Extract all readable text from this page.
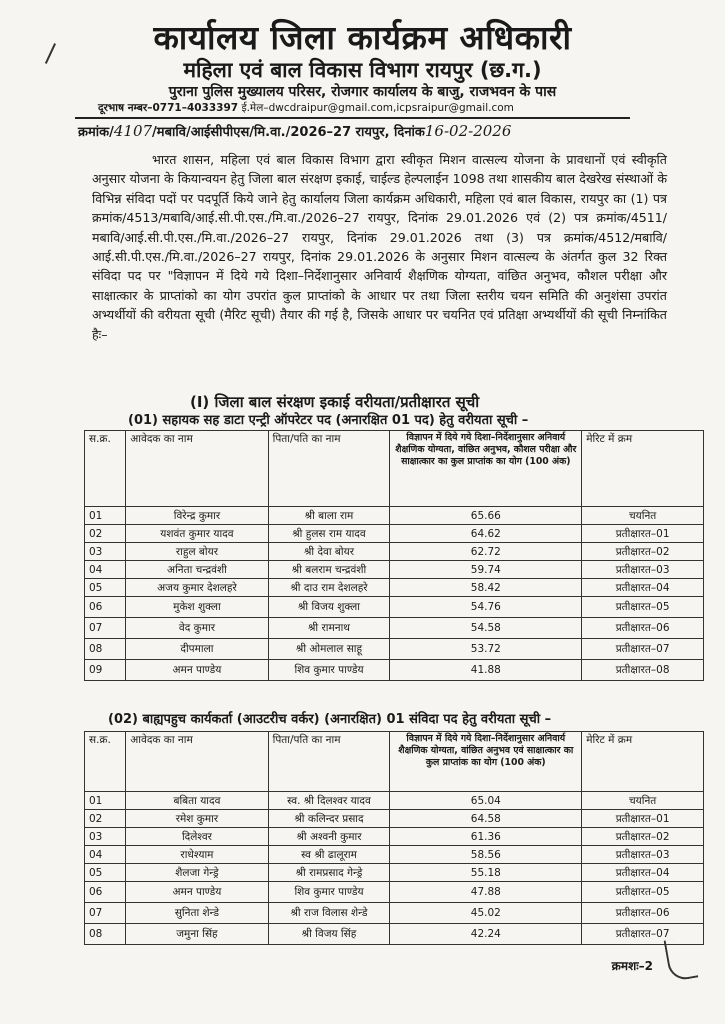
कार्यालय जिला कार्यक्रम अधिकारी
महिला एवं बाल विकास विभाग रायपुर (छ.ग.)
पुराना पुलिस मुख्यालय परिसर, रोजगार कार्यालय के बाजु, राजभवन के पास
दूरभाष नम्बर–0771–4033397 ई.मेल–dwcdraipur@gmail.com,icpsraipur@gmail.com
क्रमांक/4107/मबावि/आईसीपीएस/मि.वा./2026–27 रायपुर, दिनांक16-02-2026

भारत शासन, महिला एवं बाल विकास विभाग द्वारा स्वीकृत मिशन वात्सल्य योजना के प्रावधानों एवं स्वीकृति अनुसार योजना के कियान्वयन हेतु जिला बाल संरक्षण इकाई, चाईल्ड हेल्पलाईन 1098 तथा शासकीय बाल देखरेख संस्थाओं के विभिन्न संविदा पदों पर पदपूर्ति किये जाने हेतु कार्यालय जिला कार्यक्रम अधिकारी, महिला एवं बाल विकास, रायपुर का (1) पत्र क्रमांक/4513/मबावि/आई.सी.पी.एस./मि.वा./2026–27 रायपुर, दिनांक 29.01.2026 एवं (2) पत्र क्रमांक/4511/मबावि/आई.सी.पी.एस./मि.वा./2026–27 रायपुर, दिनांक 29.01.2026 तथा (3) पत्र क्रमांक/4512/मबावि/आई.सी.पी.एस./मि.वा./2026–27 रायपुर, दिनांक 29.01.2026 के अनुसार मिशन वात्सल्य के अंतर्गत कुल 32 रिक्त संविदा पद पर "विज्ञापन में दिये गये दिशा–निर्देशानुसार अनिवार्य शैक्षणिक योग्यता, वांछित अनुभव, कौशल परीक्षा और साक्षात्कार के प्राप्तांको का योग उपरांत कुल प्राप्तांको के आधार पर तथा जिला स्तरीय चयन समिति की अनुशंसा उपरांत अभ्यर्थीयों की वरीयता सूची (मैरिट सूची) तैयार की गई है, जिसके आधार पर चयनित एवं प्रतिक्षा अभ्यर्थीयों की सूची निम्नांकित हैः–

(I) जिला बाल संरक्षण इकाई वरीयता/प्रतीक्षारत सूची
(01) सहायक सह डाटा एन्ट्री ऑपरेटर पद (अनारक्षित 01 पद) हेतु वरीयता सूची –
स.क्र.	आवेदक का नाम	पिता/पति का नाम	विज्ञापन में दिये गये दिशा–निर्देशानुसार अनिवार्य शैक्षणिक योग्यता, वांछित अनुभव, कौशल परीक्षा और साक्षात्कार का कुल प्राप्तांक का योग (100 अंक)	मेरिट में क्रम
01	विरेन्द्र कुमार	श्री बाला राम	65.66	चयनित
02	यशवंत कुमार यादव	श्री हुलस राम यादव	64.62	प्रतीक्षारत–01
03	राहुल बोयर	श्री देवा बोयर	62.72	प्रतीक्षारत–02
04	अनिता चन्द्रवंशी	श्री बलराम चन्द्रवंशी	59.74	प्रतीक्षारत–03
05	अजय कुमार देशलहरे	श्री दाउ राम देशलहरे	58.42	प्रतीक्षारत–04
06	मुकेश शुक्ला	श्री विजय शुक्ला	54.76	प्रतीक्षारत–05
07	वेद कुमार	श्री रामनाथ	54.58	प्रतीक्षारत–06
08	दीपमाला	श्री ओमलाल साहू	53.72	प्रतीक्षारत–07
09	अमन पाण्डेय	शिव कुमार पाण्डेय	41.88	प्रतीक्षारत–08
(02) बाह्यपहुच कार्यकर्ता (आउटरीच वर्कर) (अनारक्षित) 01 संविदा पद हेतु वरीयता सूची –
स.क्र.	आवेदक का नाम	पिता/पति का नाम	विज्ञापन में दिये गये दिशा–निर्देशानुसार अनिवार्य शैक्षणिक योग्यता, वांछित अनुभव एवं साक्षात्कार का कुल प्राप्तांक का योग (100 अंक)	मेरिट में क्रम
01	बबिता यादव	स्व. श्री दिलश्वर यादव	65.04	चयनित
02	रमेश कुमार	श्री कलिन्दर प्रसाद	64.58	प्रतीक्षारत–01
03	दिलेश्वर	श्री अश्वनी कुमार	61.36	प्रतीक्षारत–02
04	राधेश्याम	स्व श्री ढालूराम	58.56	प्रतीक्षारत–03
05	शैलजा गेन्ड्रे	श्री रामप्रसाद गेन्ड्रे	55.18	प्रतीक्षारत–04
06	अमन पाण्डेय	शिव कुमार पाण्डेय	47.88	प्रतीक्षारत–05
07	सुनिता शेन्डे	श्री राज विलास शेन्डे	45.02	प्रतीक्षारत–06
08	जमुना सिंह	श्री विजय सिंह	42.24	प्रतीक्षारत–07
क्रमशः–2
